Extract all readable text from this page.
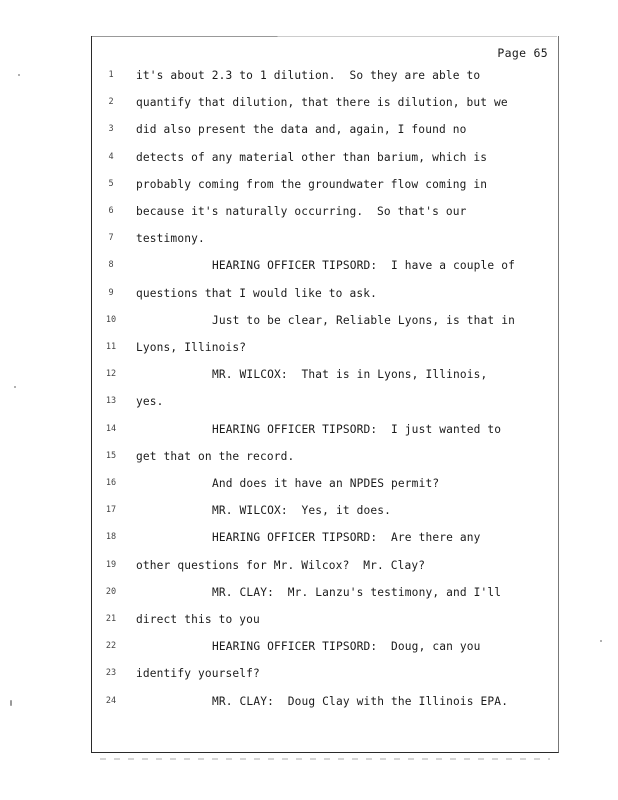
Page 65
1	it's about 2.3 to 1 dilution.  So they are able to
2	quantify that dilution, that there is dilution, but we
3	did also present the data and, again, I found no
4	detects of any material other than barium, which is
5	probably coming from the groundwater flow coming in
6	because it's naturally occurring.  So that's our
7	testimony.
8	HEARING OFFICER TIPSORD:  I have a couple of
9	questions that I would like to ask.
10	Just to be clear, Reliable Lyons, is that in
11	Lyons, Illinois?
12	MR. WILCOX:  That is in Lyons, Illinois,
13	yes.
14	HEARING OFFICER TIPSORD:  I just wanted to
15	get that on the record.
16	And does it have an NPDES permit?
17	MR. WILCOX:  Yes, it does.
18	HEARING OFFICER TIPSORD:  Are there any
19	other questions for Mr. Wilcox?  Mr. Clay?
20	MR. CLAY:  Mr. Lanzu's testimony, and I'll
21	direct this to you
22	HEARING OFFICER TIPSORD:  Doug, can you
23	identify yourself?
24	MR. CLAY:  Doug Clay with the Illinois EPA.
